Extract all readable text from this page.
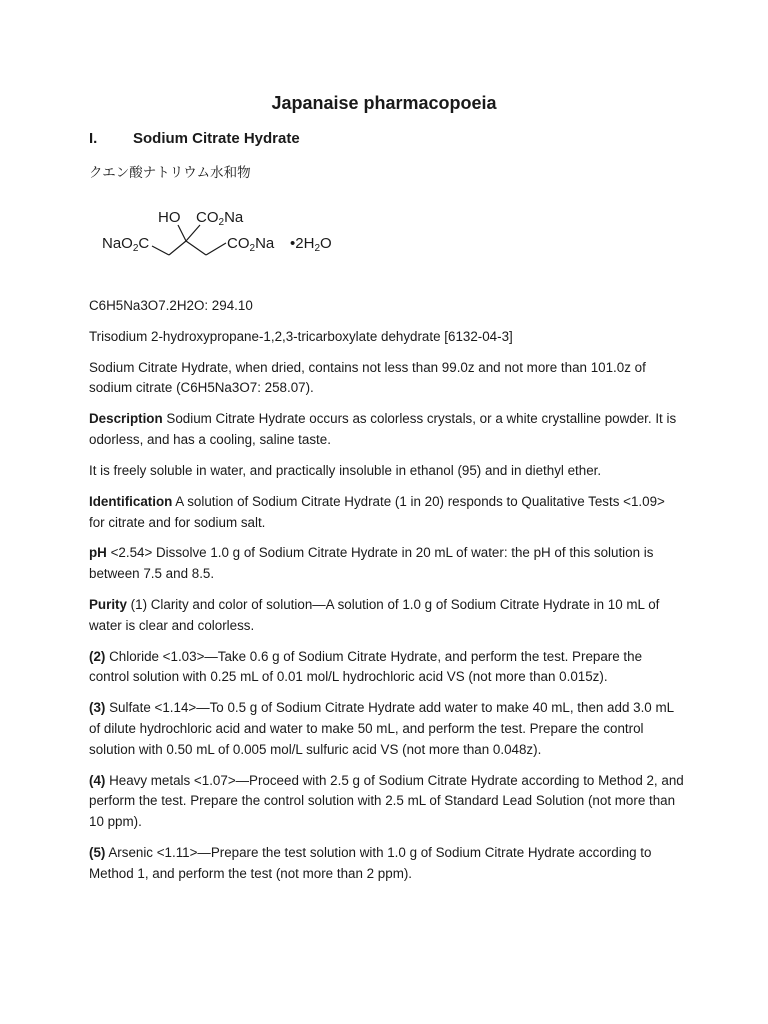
Japanaise pharmacopoeia
I. Sodium Citrate Hydrate
クエン酸ナトリウム水和物
HO $CO_2Na$
NaO$_2$C	$CO_2Na$ $•2H_2O$

C6H5Na3O7.2H2O: 294.10

Trisodium 2-hydroxypropane-1,2,3-tricarboxylate dehydrate [6132-04-3]

Sodium Citrate Hydrate, when dried, contains not less than 99.0z and not more than 101.0z of sodium citrate (C6H5Na3O7: 258.07).

Description Sodium Citrate Hydrate occurs as colorless crystals, or a white crystalline powder. It is odorless, and has a cooling, saline taste.

It is freely soluble in water, and practically insoluble in ethanol (95) and in diethyl ether.

Identification A solution of Sodium Citrate Hydrate (1 in 20) responds to Qualitative Tests <1.09> for citrate and for sodium salt.

pH <2.54> Dissolve 1.0 g of Sodium Citrate Hydrate in 20 mL of water: the pH of this solution is between 7.5 and 8.5.

Purity (1) Clarity and color of solution—A solution of 1.0 g of Sodium Citrate Hydrate in 10 mL of water is clear and colorless.

(2) Chloride <1.03>—Take 0.6 g of Sodium Citrate Hydrate, and perform the test. Prepare the control solution with 0.25 mL of 0.01 mol/L hydrochloric acid VS (not more than 0.015z).

(3) Sulfate <1.14>—To 0.5 g of Sodium Citrate Hydrate add water to make 40 mL, then add 3.0 mL of dilute hydrochloric acid and water to make 50 mL, and perform the test. Prepare the control solution with 0.50 mL of 0.005 mol/L sulfuric acid VS (not more than 0.048z).

(4) Heavy metals <1.07>—Proceed with 2.5 g of Sodium Citrate Hydrate according to Method 2, and perform the test. Prepare the control solution with 2.5 mL of Standard Lead Solution (not more than 10 ppm).

(5) Arsenic <1.11>—Prepare the test solution with 1.0 g of Sodium Citrate Hydrate according to Method 1, and perform the test (not more than 2 ppm).
